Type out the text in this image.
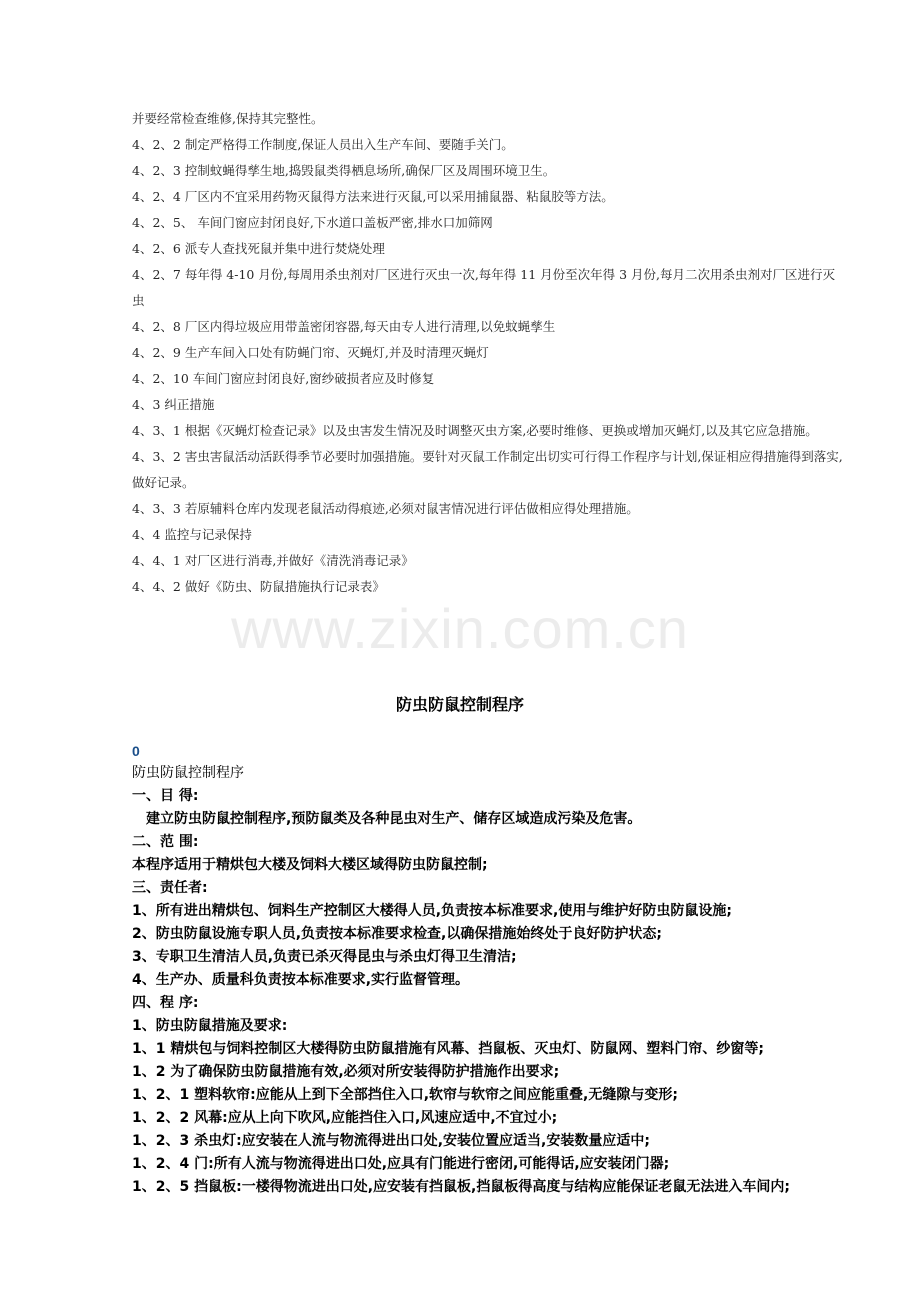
www.zixin.com.cn

并要经常检查维修,保持其完整性。

4、2、2 制定严格得工作制度,保证人员出入生产车间、要随手关门。

4、2、3 控制蚊蝇得孳生地,捣毁鼠类得栖息场所,确保厂区及周围环境卫生。

4、2、4 厂区内不宜采用药物灭鼠得方法来进行灭鼠,可以采用捕鼠器、粘鼠胶等方法。

4、2、5、 车间门窗应封闭良好,下水道口盖板严密,排水口加筛网

4、2、6 派专人查找死鼠并集中进行焚烧处理

4、2、7 每年得 4-10 月份,每周用杀虫剂对厂区进行灭虫一次,每年得 11 月份至次年得 3 月份,每月二次用杀虫剂对厂区进行灭虫

4、2、8 厂区内得垃圾应用带盖密闭容器,每天由专人进行清理,以免蚊蝇孳生

4、2、9 生产车间入口处有防蝇门帘、灭蝇灯,并及时清理灭蝇灯

4、2、10 车间门窗应封闭良好,窗纱破损者应及时修复

4、3 纠正措施

4、3、1 根据《灭蝇灯检查记录》以及虫害发生情况及时调整灭虫方案,必要时维修、更换或增加灭蝇灯,以及其它应急措施。

4、3、2 害虫害鼠活动活跃得季节必要时加强措施。要针对灭鼠工作制定出切实可行得工作程序与计划,保证相应得措施得到落实,做好记录。

4、3、3 若原辅料仓库内发现老鼠活动得痕迹,必须对鼠害情况进行评估做相应得处理措施。

4、4 监控与记录保持

4、4、1 对厂区进行消毒,并做好《清洗消毒记录》

4、4、2 做好《防虫、防鼠措施执行记录表》

防虫防鼠控制程序
0

防虫防鼠控制程序

一、目 得:

建立防虫防鼠控制程序,预防鼠类及各种昆虫对生产、储存区域造成污染及危害。

二、范 围:

本程序适用于精烘包大楼及饲料大楼区域得防虫防鼠控制;

三、责任者:

1、所有进出精烘包、饲料生产控制区大楼得人员,负责按本标准要求,使用与维护好防虫防鼠设施;

2、防虫防鼠设施专职人员,负责按本标准要求检查,以确保措施始终处于良好防护状态;

3、专职卫生清洁人员,负责已杀灭得昆虫与杀虫灯得卫生清洁;

4、生产办、质量科负责按本标准要求,实行监督管理。

四、程 序:

1、防虫防鼠措施及要求:

1、1 精烘包与饲料控制区大楼得防虫防鼠措施有风幕、挡鼠板、灭虫灯、防鼠网、塑料门帘、纱窗等;

1、2 为了确保防虫防鼠措施有效,必须对所安装得防护措施作出要求;

1、2、1 塑料软帘:应能从上到下全部挡住入口,软帘与软帘之间应能重叠,无缝隙与变形;

1、2、2 风幕:应从上向下吹风,应能挡住入口,风速应适中,不宜过小;

1、2、3 杀虫灯:应安装在人流与物流得进出口处,安装位置应适当,安装数量应适中;

1、2、4 门:所有人流与物流得进出口处,应具有门能进行密闭,可能得话,应安装闭门器;

1、2、5 挡鼠板:一楼得物流进出口处,应安装有挡鼠板,挡鼠板得高度与结构应能保证老鼠无法进入车间内;
